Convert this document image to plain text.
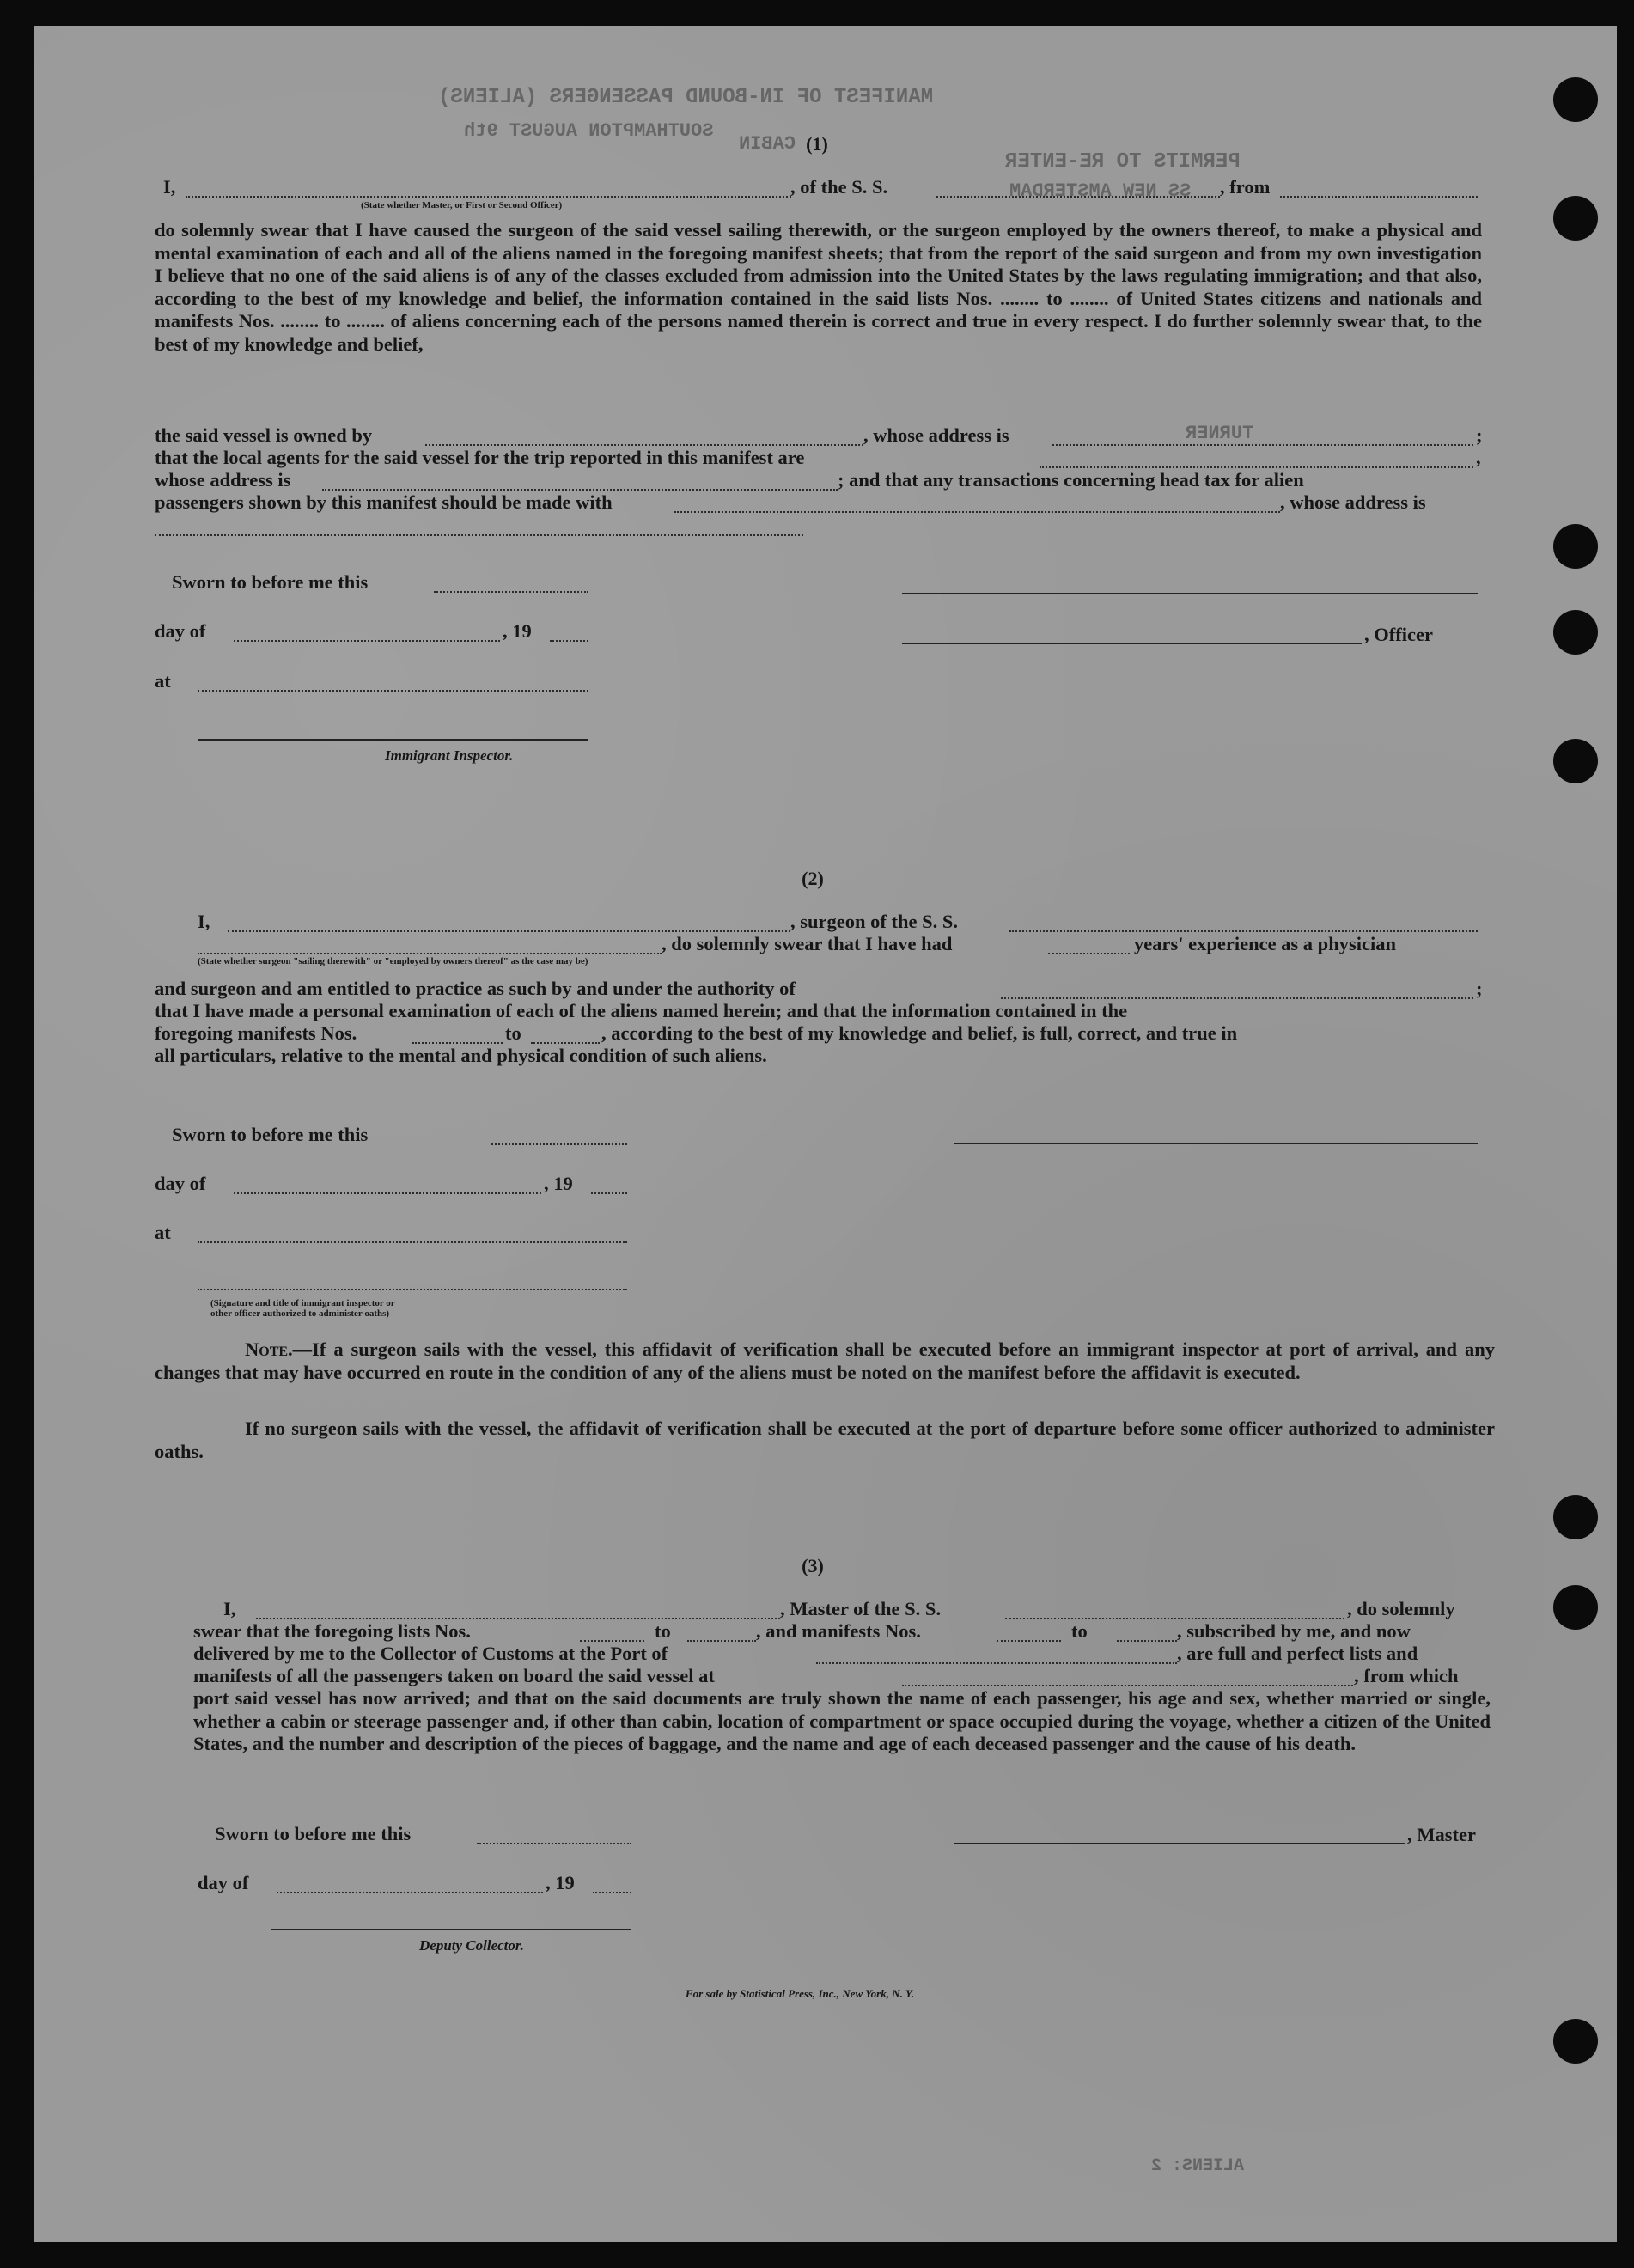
MANIFEST OF IN-BOUND PASSENGERS (ALIENS)
SOUTHAMPTON AUGUST 9th
CABIN
PERMITS TO RE-ENTER
SS NEW AMSTERDAM
TURNER
(1)
I,
(State whether Master, or First or Second Officer)
, of the S. S.	, from

do solemnly swear that I have caused the surgeon of the said vessel sailing therewith, or the surgeon employed by the owners thereof, to make a physical and mental examination of each and all of the aliens named in the foregoing manifest sheets; that from the report of the said surgeon and from my own investigation I believe that no one of the said aliens is of any of the classes excluded from admission into the United States by the laws regulating immigration; and that also, according to the best of my knowledge and belief, the information contained in the said lists Nos. ........ to ........ of United States citizens and nationals and manifests Nos. ........ to ........ of aliens concerning each of the persons named therein is correct and true in every respect. I do further solemnly swear that, to the best of my knowledge and belief,

the said vessel is owned by	, whose address is	;
that the local agents for the said vessel for the trip reported in this manifest are	,
whose address is	; and that any transactions concerning head tax for alien
passengers shown by this manifest should be made with	, whose address is
Sworn to before me this
day of	, 19	, Officer
at
Immigrant Inspector.
(2)
I,	, surgeon of the S. S.
(State whether surgeon "sailing therewith" or "employed by owners thereof" as the case may be)
, do solemnly swear that I have had	years' experience as a physician
and surgeon and am entitled to practice as such by and under the authority of	;
that I have made a personal examination of each of the aliens named herein; and that the information contained in the
foregoing manifests Nos.	to	, according to the best of my knowledge and belief, is full, correct, and true in
all particulars, relative to the mental and physical condition of such aliens.
Sworn to before me this
day of	, 19
at
(Signature and title of immigrant inspector or
other officer authorized to administer oaths)

Note.—If a surgeon sails with the vessel, this affidavit of verification shall be executed before an immigrant inspector at port of arrival, and any changes that may have occurred en route in the condition of any of the aliens must be noted on the manifest before the affidavit is executed.

If no surgeon sails with the vessel, the affidavit of verification shall be executed at the port of departure before some officer authorized to administer oaths.

(3)
I,	, Master of the S. S.	, do solemnly
swear that the foregoing lists Nos.	to	, and manifests Nos.	to	, subscribed by me, and now
delivered by me to the Collector of Customs at the Port of	, are full and perfect lists and
manifests of all the passengers taken on board the said vessel at	, from which

port said vessel has now arrived; and that on the said documents are truly shown the name of each passenger, his age and sex, whether married or single, whether a cabin or steerage passenger and, if other than cabin, location of compartment or space occupied during the voyage, whether a citizen of the United States, and the number and description of the pieces of baggage, and the name and age of each deceased passenger and the cause of his death.

Sworn to before me this	, Master
day of	, 19
Deputy Collector.
For sale by Statistical Press, Inc., New York, N. Y.
ALIENS: 2
